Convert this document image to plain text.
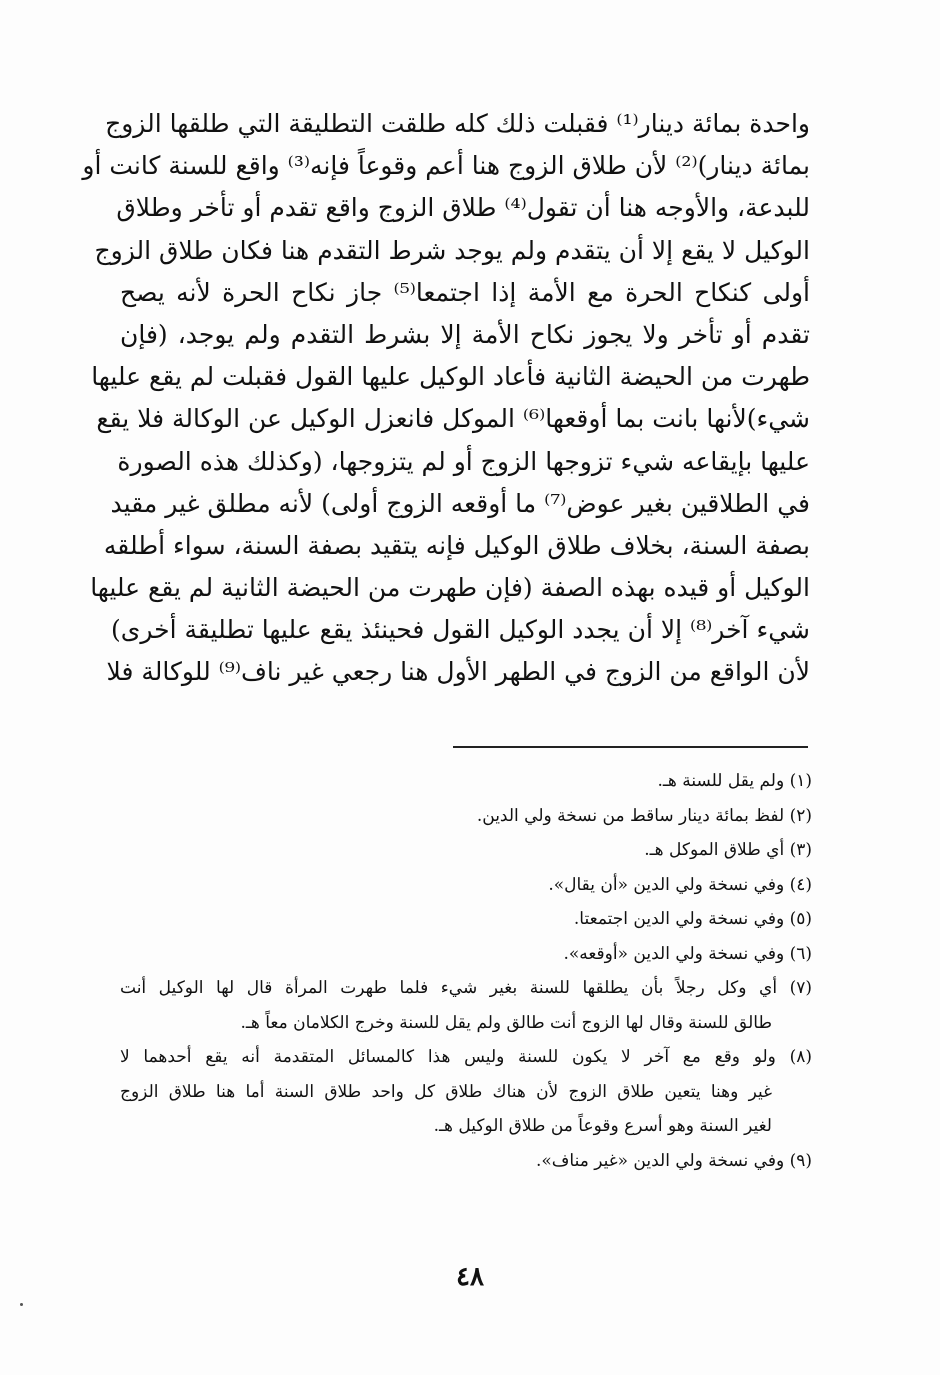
واحدة بمائة دينار⁽¹⁾ فقبلت ذلك كله طلقت التطليقة التي طلقها الزوج
بمائة دينار)⁽²⁾ لأن طلاق الزوج هنا أعم وقوعاً فإنه⁽³⁾ واقع للسنة كانت أو
للبدعة، والأوجه هنا أن تقول⁽⁴⁾ طلاق الزوج واقع تقدم أو تأخر وطلاق
الوكيل لا يقع إلا أن يتقدم ولم يوجد شرط التقدم هنا فكان طلاق الزوج
أولى كنكاح الحرة مع الأمة إذا اجتمعا⁽⁵⁾ جاز نكاح الحرة لأنه يصح
تقدم أو تأخر ولا يجوز نكاح الأمة إلا بشرط التقدم ولم يوجد، (فإن
طهرت من الحيضة الثانية فأعاد الوكيل عليها القول فقبلت لم يقع عليها
شيء)لأنها بانت بما أوقعها⁽⁶⁾ الموكل فانعزل الوكيل عن الوكالة فلا يقع
عليها بإيقاعه شيء تزوجها الزوج أو لم يتزوجها، (وكذلك هذه الصورة
في الطلاقين بغير عوض⁽⁷⁾ ما أوقعه الزوج أولى) لأنه مطلق غير مقيد
بصفة السنة، بخلاف طلاق الوكيل فإنه يتقيد بصفة السنة، سواء أطلقه
الوكيل أو قيده بهذه الصفة (فإن طهرت من الحيضة الثانية لم يقع عليها
شيء آخر⁽⁸⁾ إلا أن يجدد الوكيل القول فحينئذ يقع عليها تطليقة أخرى)
لأن الواقع من الزوج في الطهر الأول هنا رجعي غير ناف⁽⁹⁾ للوكالة فلا
(١) ولم يقل للسنة هـ.
(٢) لفظ بمائة دينار ساقط من نسخة ولي الدين.
(٣) أي طلاق الموكل هـ.
(٤) وفي نسخة ولي الدين «أن يقال».
(٥) وفي نسخة ولي الدين اجتمعتا.
(٦) وفي نسخة ولي الدين «أوقعه».
(٧) أي وكل رجلاً بأن يطلقها للسنة بغير شيء فلما طهرت المرأة قال لها الوكيل أنت
طالق للسنة وقال لها الزوج أنت طالق ولم يقل للسنة وخرج الكلامان معاً هـ.
(٨) ولو وقع مع آخر لا يكون للسنة وليس هذا كالمسائل المتقدمة أنه يقع أحدهما لا
غير وهنا يتعين طلاق الزوج لأن هناك طلاق كل واحد طلاق السنة أما هنا طلاق الزوج
لغير السنة وهو أسرع وقوعاً من طلاق الوكيل هـ.
(٩) وفي نسخة ولي الدين «غير مناف».
٤٨
